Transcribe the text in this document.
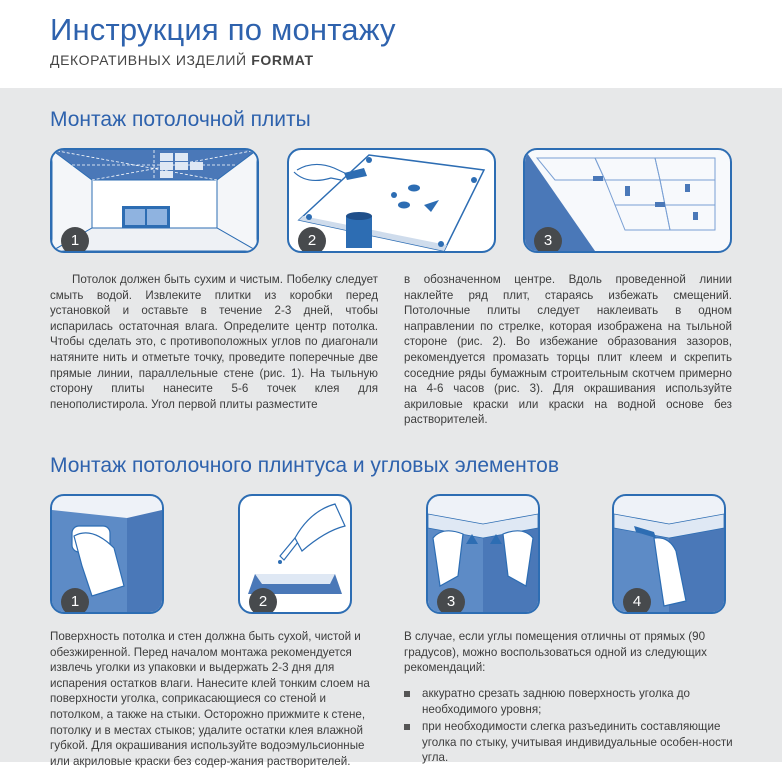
Инструкция по монтажу
ДЕКОРАТИВНЫХ ИЗДЕЛИЙ FORMAT
Монтаж потолочной плиты
1	2	3
Потолок должен быть сухим и чистым. Побелку следует смыть водой. Извлеките плитки из коробки перед установкой и оставьте в течение 2-3 дней, чтобы испарилась остаточная влага. Определите центр потолка. Чтобы сделать это, с противоположных углов по диагонали натяните нить и отметьте точку, проведите поперечные две прямые линии, параллельные стене (рис. 1). На тыльную сторону плиты нанесите 5-6 точек клея для пенополистирола. Угол первой плиты разместите
в обозначенном центре. Вдоль проведенной линии наклейте ряд плит, стараясь избежать смещений. Потолочные плиты следует наклеивать в одном направлении по стрелке, которая изображена на тыльной стороне (рис. 2). Во избежание образования зазоров, рекомендуется промазать торцы плит клеем и скрепить соседние ряды бумажным строительным скотчем примерно на 4-6 часов (рис. 3). Для окрашивания используйте акриловые краски или краски на водной основе без растворителей.
Монтаж потолочного плинтуса и угловых элементов
1	2	3	4
Поверхность потолка и стен должна быть сухой, чистой и обезжиренной. Перед началом монтажа рекомендуется извлечь уголки из упаковки и выдержать 2-3 дня для испарения остатков влаги. Нанесите клей тонким слоем на поверхности уголка, соприкасающиеся со стеной и потолком, а также на стыки. Осторожно прижмите к стене, потолку и в местах стыков; удалите остатки клея влажной губкой. Для окрашивания используйте водоэмульсионные или акриловые краски без содер-жания растворителей.
В случае, если углы помещения отличны от прямых (90 градусов), можно воспользоваться одной из следующих рекомендаций:
аккуратно срезать заднюю поверхность уголка до необходимого уровня;
при необходимости слегка разъединить составляющие уголка по стыку, учитывая индивидуальные особен-ности угла.
